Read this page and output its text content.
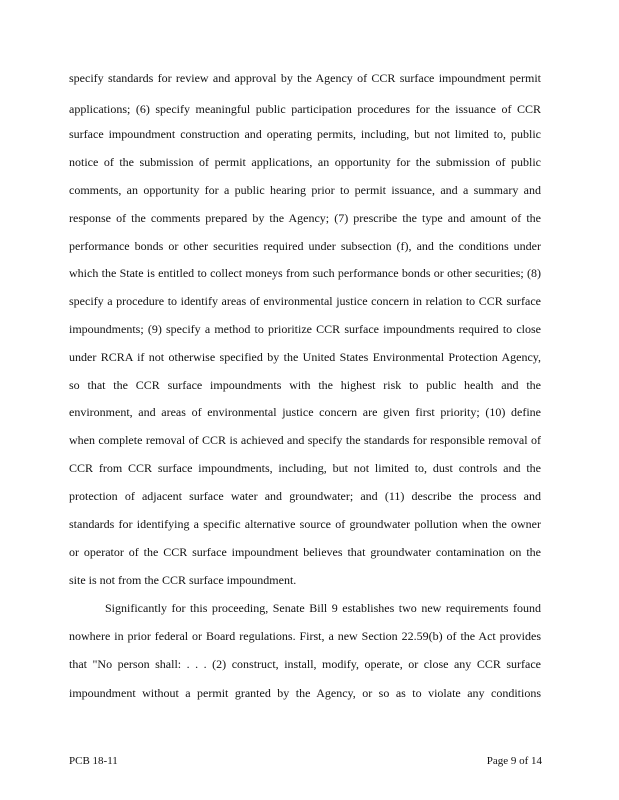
specify standards for review and approval by the Agency of CCR surface impoundment permit
applications; (6) specify meaningful public participation procedures for the issuance of CCR
surface impoundment construction and operating permits, including, but not limited to, public
notice of the submission of permit applications, an opportunity for the submission of public
comments, an opportunity for a public hearing prior to permit issuance, and a summary and
response of the comments prepared by the Agency; (7) prescribe the type and amount of the
performance bonds or other securities required under subsection (f), and the conditions under
which the State is entitled to collect moneys from such performance bonds or other securities; (8)
specify a procedure to identify areas of environmental justice concern in relation to CCR surface
impoundments; (9) specify a method to prioritize CCR surface impoundments required to close
under RCRA if not otherwise specified by the United States Environmental Protection Agency,
so that the CCR surface impoundments with the highest risk to public health and the
environment, and areas of environmental justice concern are given first priority; (10) define
when complete removal of CCR is achieved and specify the standards for responsible removal of
CCR from CCR surface impoundments, including, but not limited to, dust controls and the
protection of adjacent surface water and groundwater; and (11) describe the process and
standards for identifying a specific alternative source of groundwater pollution when the owner
or operator of the CCR surface impoundment believes that groundwater contamination on the
site is not from the CCR surface impoundment.
Significantly for this proceeding, Senate Bill 9 establishes two new requirements found
nowhere in prior federal or Board regulations. First, a new Section 22.59(b) of the Act provides
that "No person shall: . . . (2) construct, install, modify, operate, or close any CCR surface
impoundment without a permit granted by the Agency, or so as to violate any conditions
PCB 18-11	Page 9 of 14
